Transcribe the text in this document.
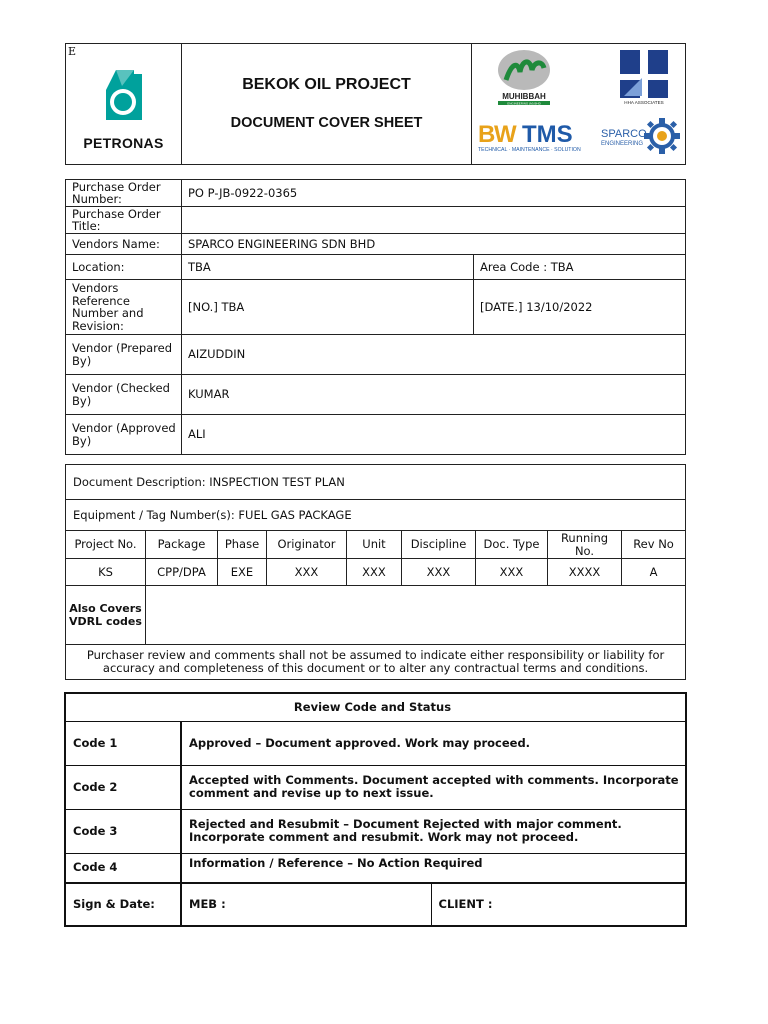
E
PETRONAS

BEKOK OIL PROJECT
DOCUMENT COVER SHEET

MUHIBBAH
ENGINEERING (M) BHD	HHA ASSOCIATES
B
W TMS
TECHNICAL · MAINTENANCE · SOLUTION
SPARCO
ENGINEERING
Purchase Order Number:	PO P-JB-0922-0365	
Purchase Order Title:		
Vendors Name:	SPARCO ENGINEERING SDN BHD	
Location:	TBA	Area Code : TBA
Vendors Reference Number and Revision:	[NO.] TBA	[DATE.] 13/10/2022
Vendor (Prepared By)	AIZUDDIN	
Vendor (Checked By)	KUMAR	
Vendor (Approved By)	ALI	
Document Description: INSPECTION TEST PLAN								
Equipment / Tag Number(s): FUEL GAS PACKAGE								
Project No.	Package	Phase	Originator	Unit	Discipline	Doc. Type	Running No.	Rev No
KS	CPP/DPA	EXE	XXX	XXX	XXX	XXX	XXXX	A
Also Covers VDRL codes								
Purchaser review and comments shall not be assumed to indicate either responsibility or liability for accuracy and completeness of this document or to alter any contractual terms and conditions.								
Review Code and Status		
Code 1	Approved – Document approved. Work may proceed.	
Code 2	Accepted with Comments. Document accepted with comments. Incorporate comment and revise up to next issue.	
Code 3	Rejected and Resubmit – Document Rejected with major comment. Incorporate comment and resubmit. Work may not proceed.	
Code 4	Information / Reference – No Action Required	
Sign & Date:	MEB :	CLIENT :
